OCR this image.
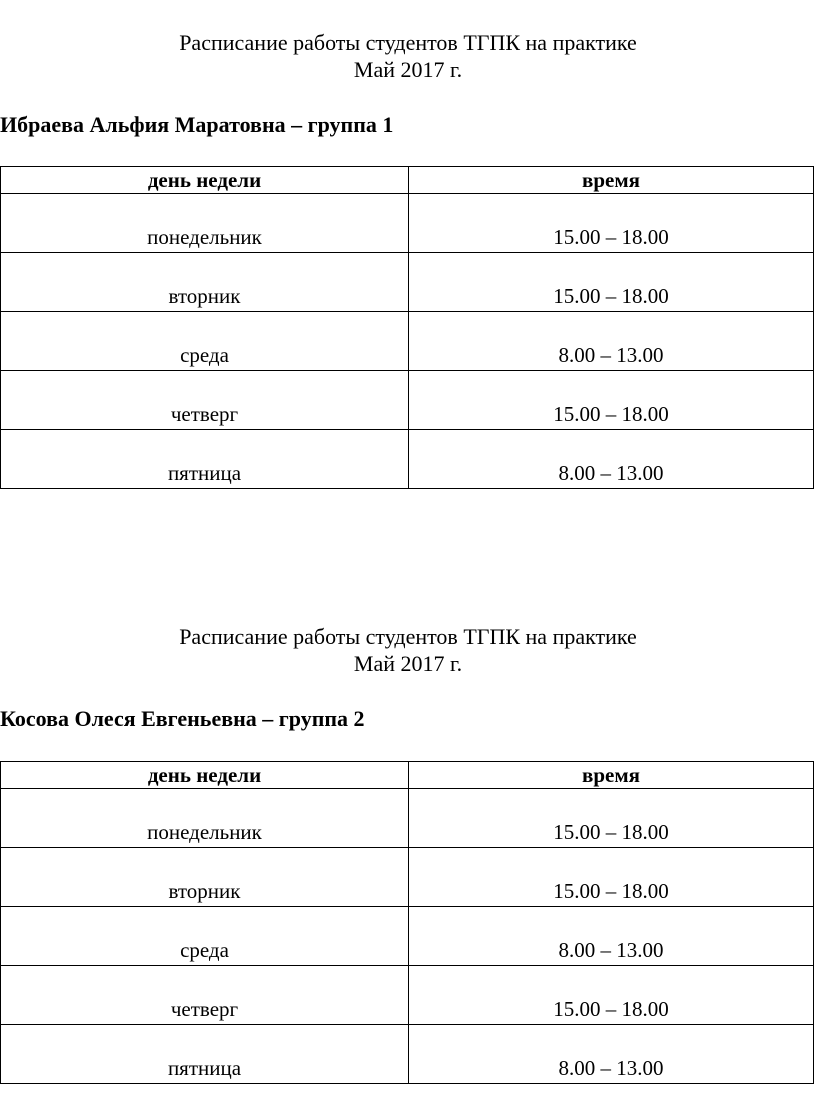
Расписание работы студентов ТГПК на практике
Май 2017 г.
Ибраева Альфия Маратовна – группа 1
день недели	время
понедельник	15.00 – 18.00
вторник	15.00 – 18.00
среда	8.00 – 13.00
четверг	15.00 – 18.00
пятница	8.00 – 13.00
Расписание работы студентов ТГПК на практике
Май 2017 г.
Косова Олеся Евгеньевна – группа 2
день недели	время
понедельник	15.00 – 18.00
вторник	15.00 – 18.00
среда	8.00 – 13.00
четверг	15.00 – 18.00
пятница	8.00 – 13.00
